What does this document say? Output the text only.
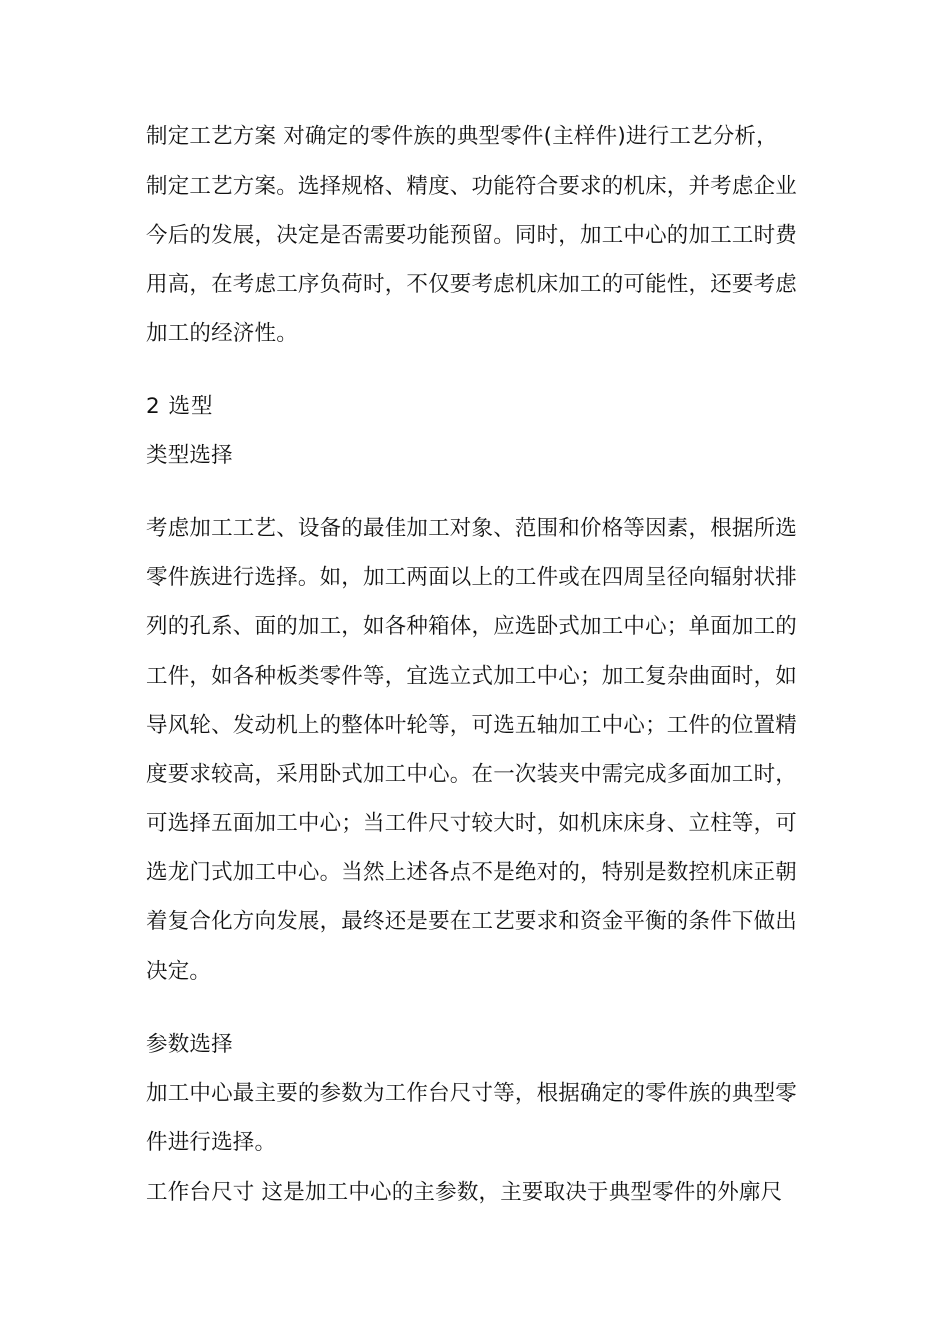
制定工艺方案 对确定的零件族的典型零件(主样件)进行工艺分析，
制定工艺方案。选择规格、精度、功能符合要求的机床，并考虑企业
今后的发展，决定是否需要功能预留。同时，加工中心的加工工时费
用高，在考虑工序负荷时，不仅要考虑机床加工的可能性，还要考虑
加工的经济性。
2 选型
类型选择
考虑加工工艺、设备的最佳加工对象、范围和价格等因素，根据所选
零件族进行选择。如，加工两面以上的工件或在四周呈径向辐射状排
列的孔系、面的加工，如各种箱体，应选卧式加工中心；单面加工的
工件，如各种板类零件等，宜选立式加工中心；加工复杂曲面时，如
导风轮、发动机上的整体叶轮等，可选五轴加工中心；工件的位置精
度要求较高，采用卧式加工中心。在一次装夹中需完成多面加工时，
可选择五面加工中心；当工件尺寸较大时，如机床床身、立柱等，可
选龙门式加工中心。当然上述各点不是绝对的，特别是数控机床正朝
着复合化方向发展，最终还是要在工艺要求和资金平衡的条件下做出
决定。
参数选择
加工中心最主要的参数为工作台尺寸等，根据确定的零件族的典型零
件进行选择。
工作台尺寸 这是加工中心的主参数，主要取决于典型零件的外廓尺
